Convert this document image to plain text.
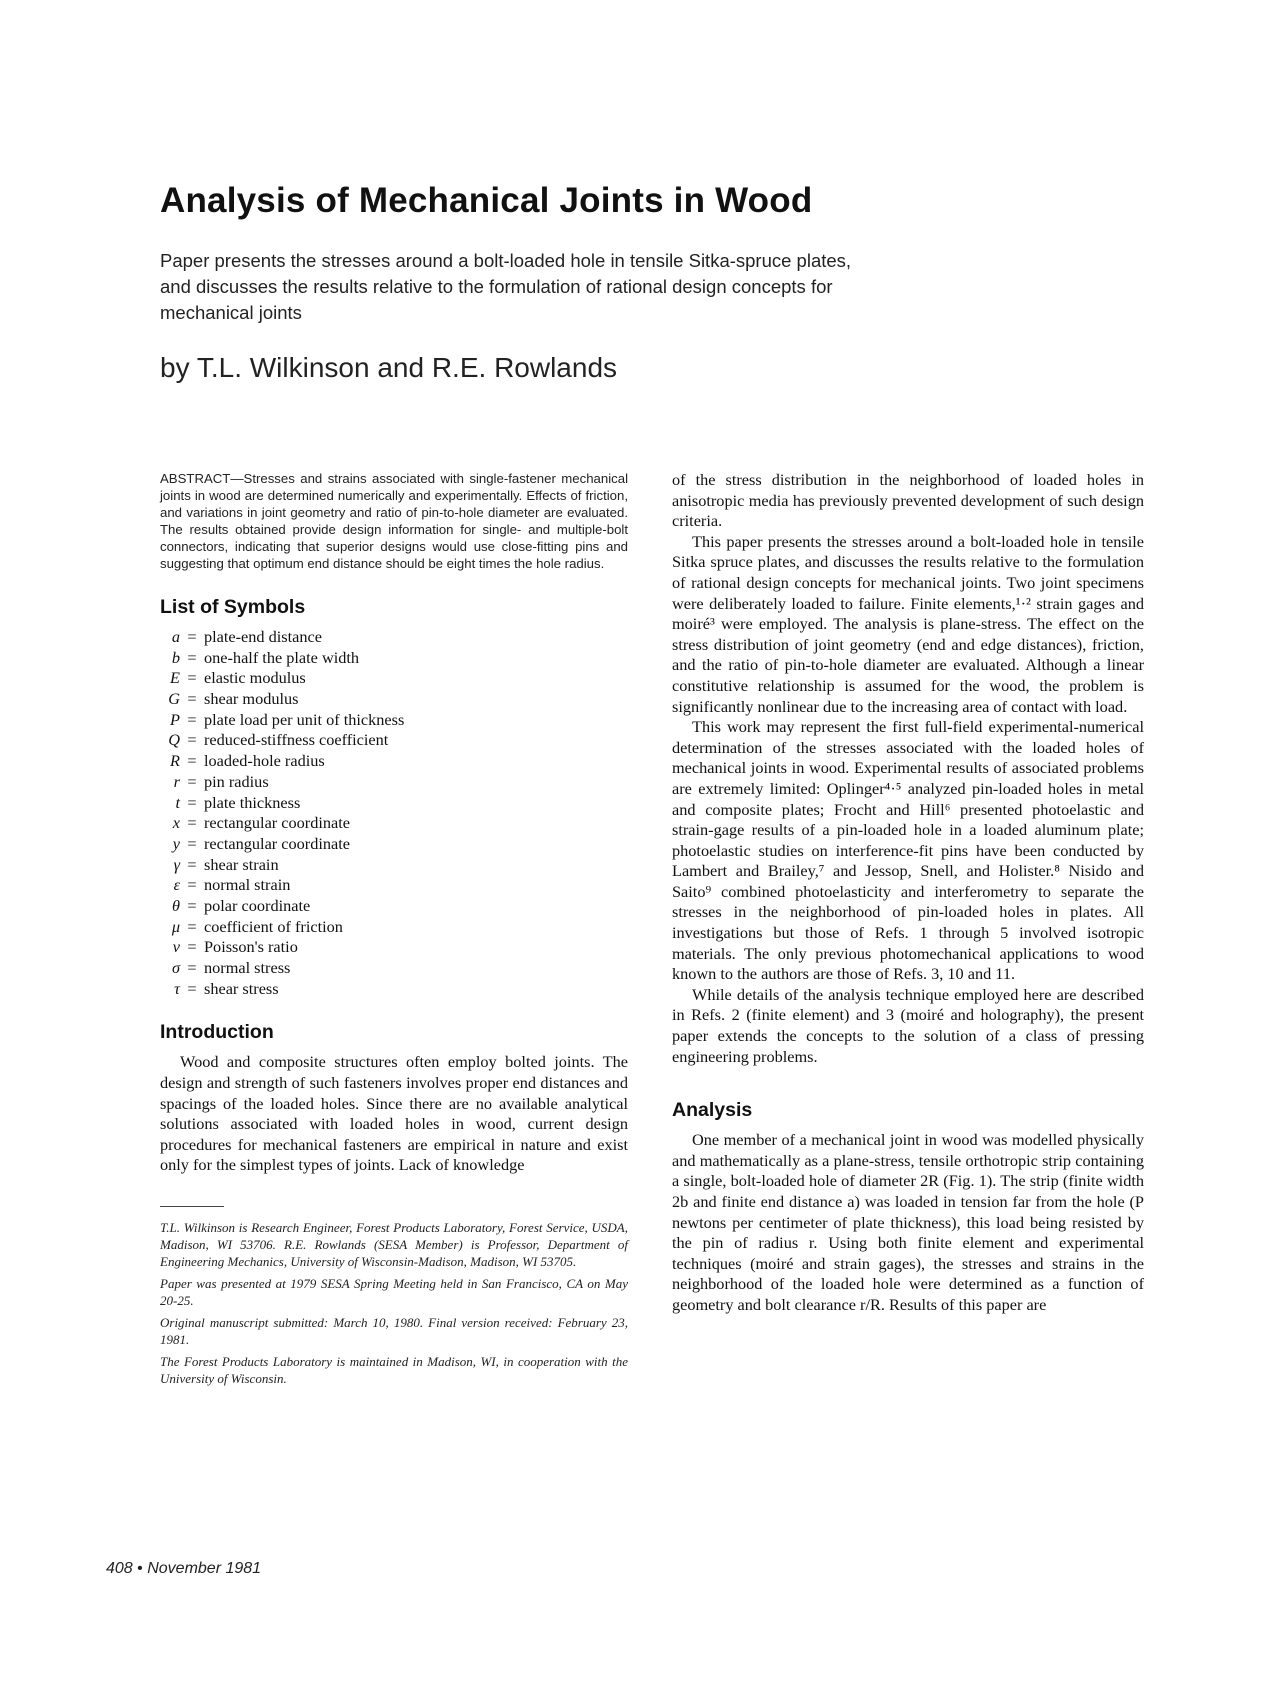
Analysis of Mechanical Joints in Wood
Paper presents the stresses around a bolt-loaded hole in tensile Sitka-spruce plates, and discusses the results relative to the formulation of rational design concepts for mechanical joints
by T.L. Wilkinson and R.E. Rowlands
ABSTRACT—Stresses and strains associated with single-fastener mechanical joints in wood are determined numerically and experimentally. Effects of friction, and variations in joint geometry and ratio of pin-to-hole diameter are evaluated. The results obtained provide design information for single- and multiple-bolt connectors, indicating that superior designs would use close-fitting pins and suggesting that optimum end distance should be eight times the hole radius.
List of Symbols
a = plate-end distance
b = one-half the plate width
E = elastic modulus
G = shear modulus
P = plate load per unit of thickness
Q = reduced-stiffness coefficient
R = loaded-hole radius
r = pin radius
t = plate thickness
x = rectangular coordinate
y = rectangular coordinate
γ = shear strain
ε = normal strain
θ = polar coordinate
μ = coefficient of friction
ν = Poisson's ratio
σ = normal stress
τ = shear stress
Introduction

Wood and composite structures often employ bolted joints. The design and strength of such fasteners involves proper end distances and spacings of the loaded holes. Since there are no available analytical solutions associated with loaded holes in wood, current design procedures for mechanical fasteners are empirical in nature and exist only for the simplest types of joints. Lack of knowledge

T.L. Wilkinson is Research Engineer, Forest Products Laboratory, Forest Service, USDA, Madison, WI 53706. R.E. Rowlands (SESA Member) is Professor, Department of Engineering Mechanics, University of Wisconsin-Madison, Madison, WI 53705.

Paper was presented at 1979 SESA Spring Meeting held in San Francisco, CA on May 20-25.

Original manuscript submitted: March 10, 1980. Final version received: February 23, 1981.

The Forest Products Laboratory is maintained in Madison, WI, in cooperation with the University of Wisconsin.

of the stress distribution in the neighborhood of loaded holes in anisotropic media has previously prevented development of such design criteria.

This paper presents the stresses around a bolt-loaded hole in tensile Sitka spruce plates, and discusses the results relative to the formulation of rational design concepts for mechanical joints. Two joint specimens were deliberately loaded to failure. Finite elements,¹·² strain gages and moiré³ were employed. The analysis is plane-stress. The effect on the stress distribution of joint geometry (end and edge distances), friction, and the ratio of pin-to-hole diameter are evaluated. Although a linear constitutive relationship is assumed for the wood, the problem is significantly nonlinear due to the increasing area of contact with load.

This work may represent the first full-field experimental-numerical determination of the stresses associated with the loaded holes of mechanical joints in wood. Experimental results of associated problems are extremely limited: Oplinger⁴·⁵ analyzed pin-loaded holes in metal and composite plates; Frocht and Hill⁶ presented photoelastic and strain-gage results of a pin-loaded hole in a loaded aluminum plate; photoelastic studies on interference-fit pins have been conducted by Lambert and Brailey,⁷ and Jessop, Snell, and Holister.⁸ Nisido and Saito⁹ combined photoelasticity and interferometry to separate the stresses in the neighborhood of pin-loaded holes in plates. All investigations but those of Refs. 1 through 5 involved isotropic materials. The only previous photomechanical applications to wood known to the authors are those of Refs. 3, 10 and 11.

While details of the analysis technique employed here are described in Refs. 2 (finite element) and 3 (moiré and holography), the present paper extends the concepts to the solution of a class of pressing engineering problems.

Analysis

One member of a mechanical joint in wood was modelled physically and mathematically as a plane-stress, tensile orthotropic strip containing a single, bolt-loaded hole of diameter 2R (Fig. 1). The strip (finite width 2b and finite end distance a) was loaded in tension far from the hole (P newtons per centimeter of plate thickness), this load being resisted by the pin of radius r. Using both finite element and experimental techniques (moiré and strain gages), the stresses and strains in the neighborhood of the loaded hole were determined as a function of geometry and bolt clearance r/R. Results of this paper are

408 • November 1981
